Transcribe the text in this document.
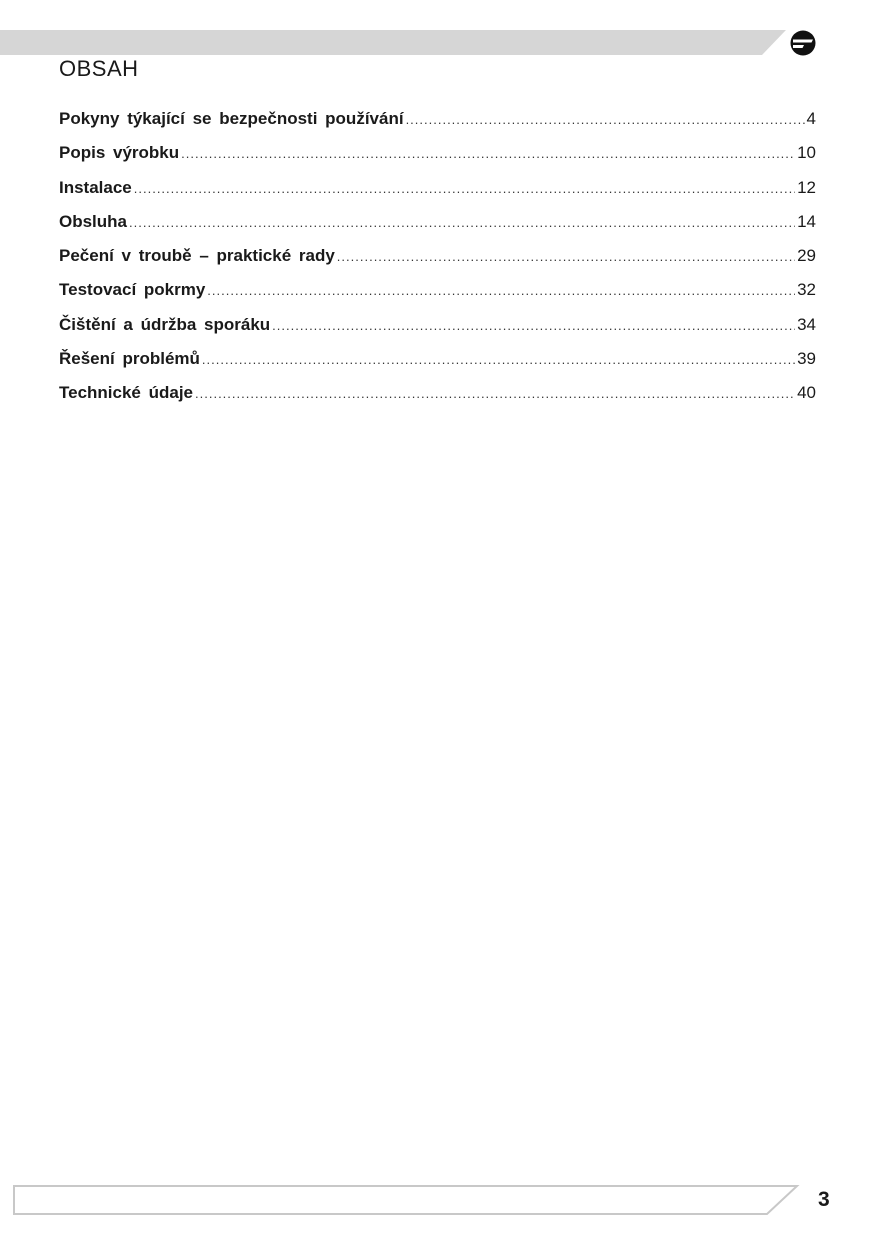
OBSAH
Pokyny týkající se bezpečnosti používání .....	4
Popis výrobku .....	10
Instalace .....	12
Obsluha .....	14
Pečení v troubě – praktické rady .....	29
Testovací pokrmy .....	32
Čištění a údržba sporáku .....	34
Řešení problémů .....	39
Technické údaje .....	40

3
